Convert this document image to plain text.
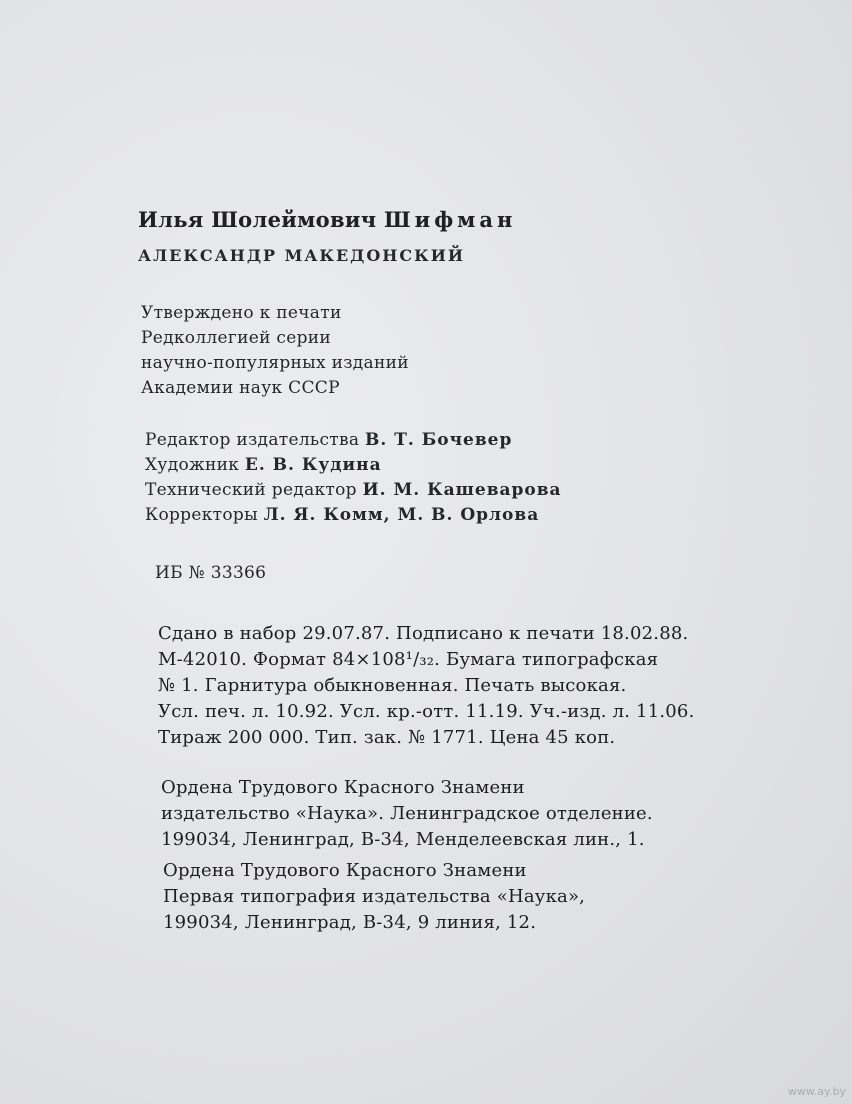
Илья Шолеймович Шифман
АЛЕКСАНДР МАКЕДОНСКИЙ
Утверждено к печати
Редколлегией серии
научно-популярных изданий
Академии наук СССР
Редактор издательства В. Т. Бочевер
Художник Е. В. Кудина
Технический редактор И. М. Кашеварова
Корректоры Л. Я. Комм, М. В. Орлова
ИБ № 33366
Сдано в набор 29.07.87. Подписано к печати 18.02.88.
М-42010. Формат 84×108¹/₃₂. Бумага типографская
№ 1. Гарнитура обыкновенная. Печать высокая.
Усл. печ. л. 10.92. Усл. кр.-отт. 11.19. Уч.-изд. л. 11.06.
Тираж 200 000. Тип. зак. № 1771. Цена 45 коп.
Ордена Трудового Красного Знамени
издательство «Наука». Ленинградское отделение.
199034, Ленинград, В-34, Менделеевская лин., 1.
Ордена Трудового Красного Знамени
Первая типография издательства «Наука»,
199034, Ленинград, В-34, 9 линия, 12.
www.ay.by
